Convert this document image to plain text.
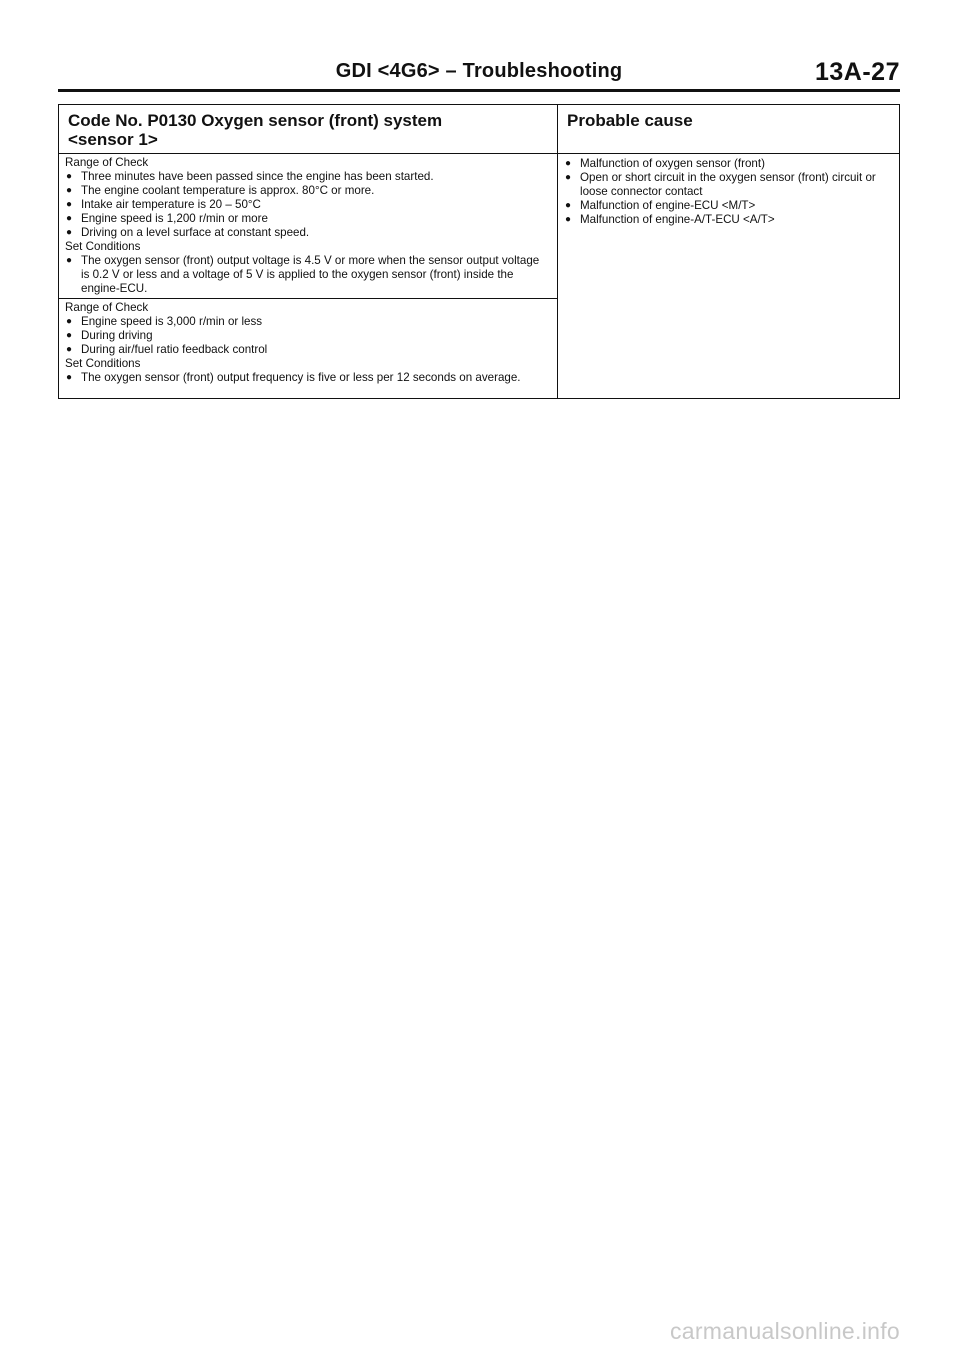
GDI <4G6> – Troubleshooting	13A-27
Code No. P0130 Oxygen sensor (front) system
<sensor 1>
Probable cause
Range of Check
● Three minutes have been passed since the engine has been started.
● The engine coolant temperature is approx. 80°C or more.
● Intake air temperature is 20 – 50°C
● Engine speed is 1,200 r/min or more
● Driving on a level surface at constant speed.
Set Conditions
● The oxygen sensor (front) output voltage is 4.5 V or more when the sensor output voltage is 0.2 V or less and a voltage of 5 V is applied to the oxygen sensor (front) inside the engine-ECU.
Range of Check
● Engine speed is 3,000 r/min or less
● During driving
● During air/fuel ratio feedback control
Set Conditions
● The oxygen sensor (front) output frequency is five or less per 12 seconds on average.
● Malfunction of oxygen sensor (front)
● Open or short circuit in the oxygen sensor (front) circuit or loose connector contact
● Malfunction of engine-ECU <M/T>
● Malfunction of engine-A/T-ECU <A/T>
carmanualsonline.info
